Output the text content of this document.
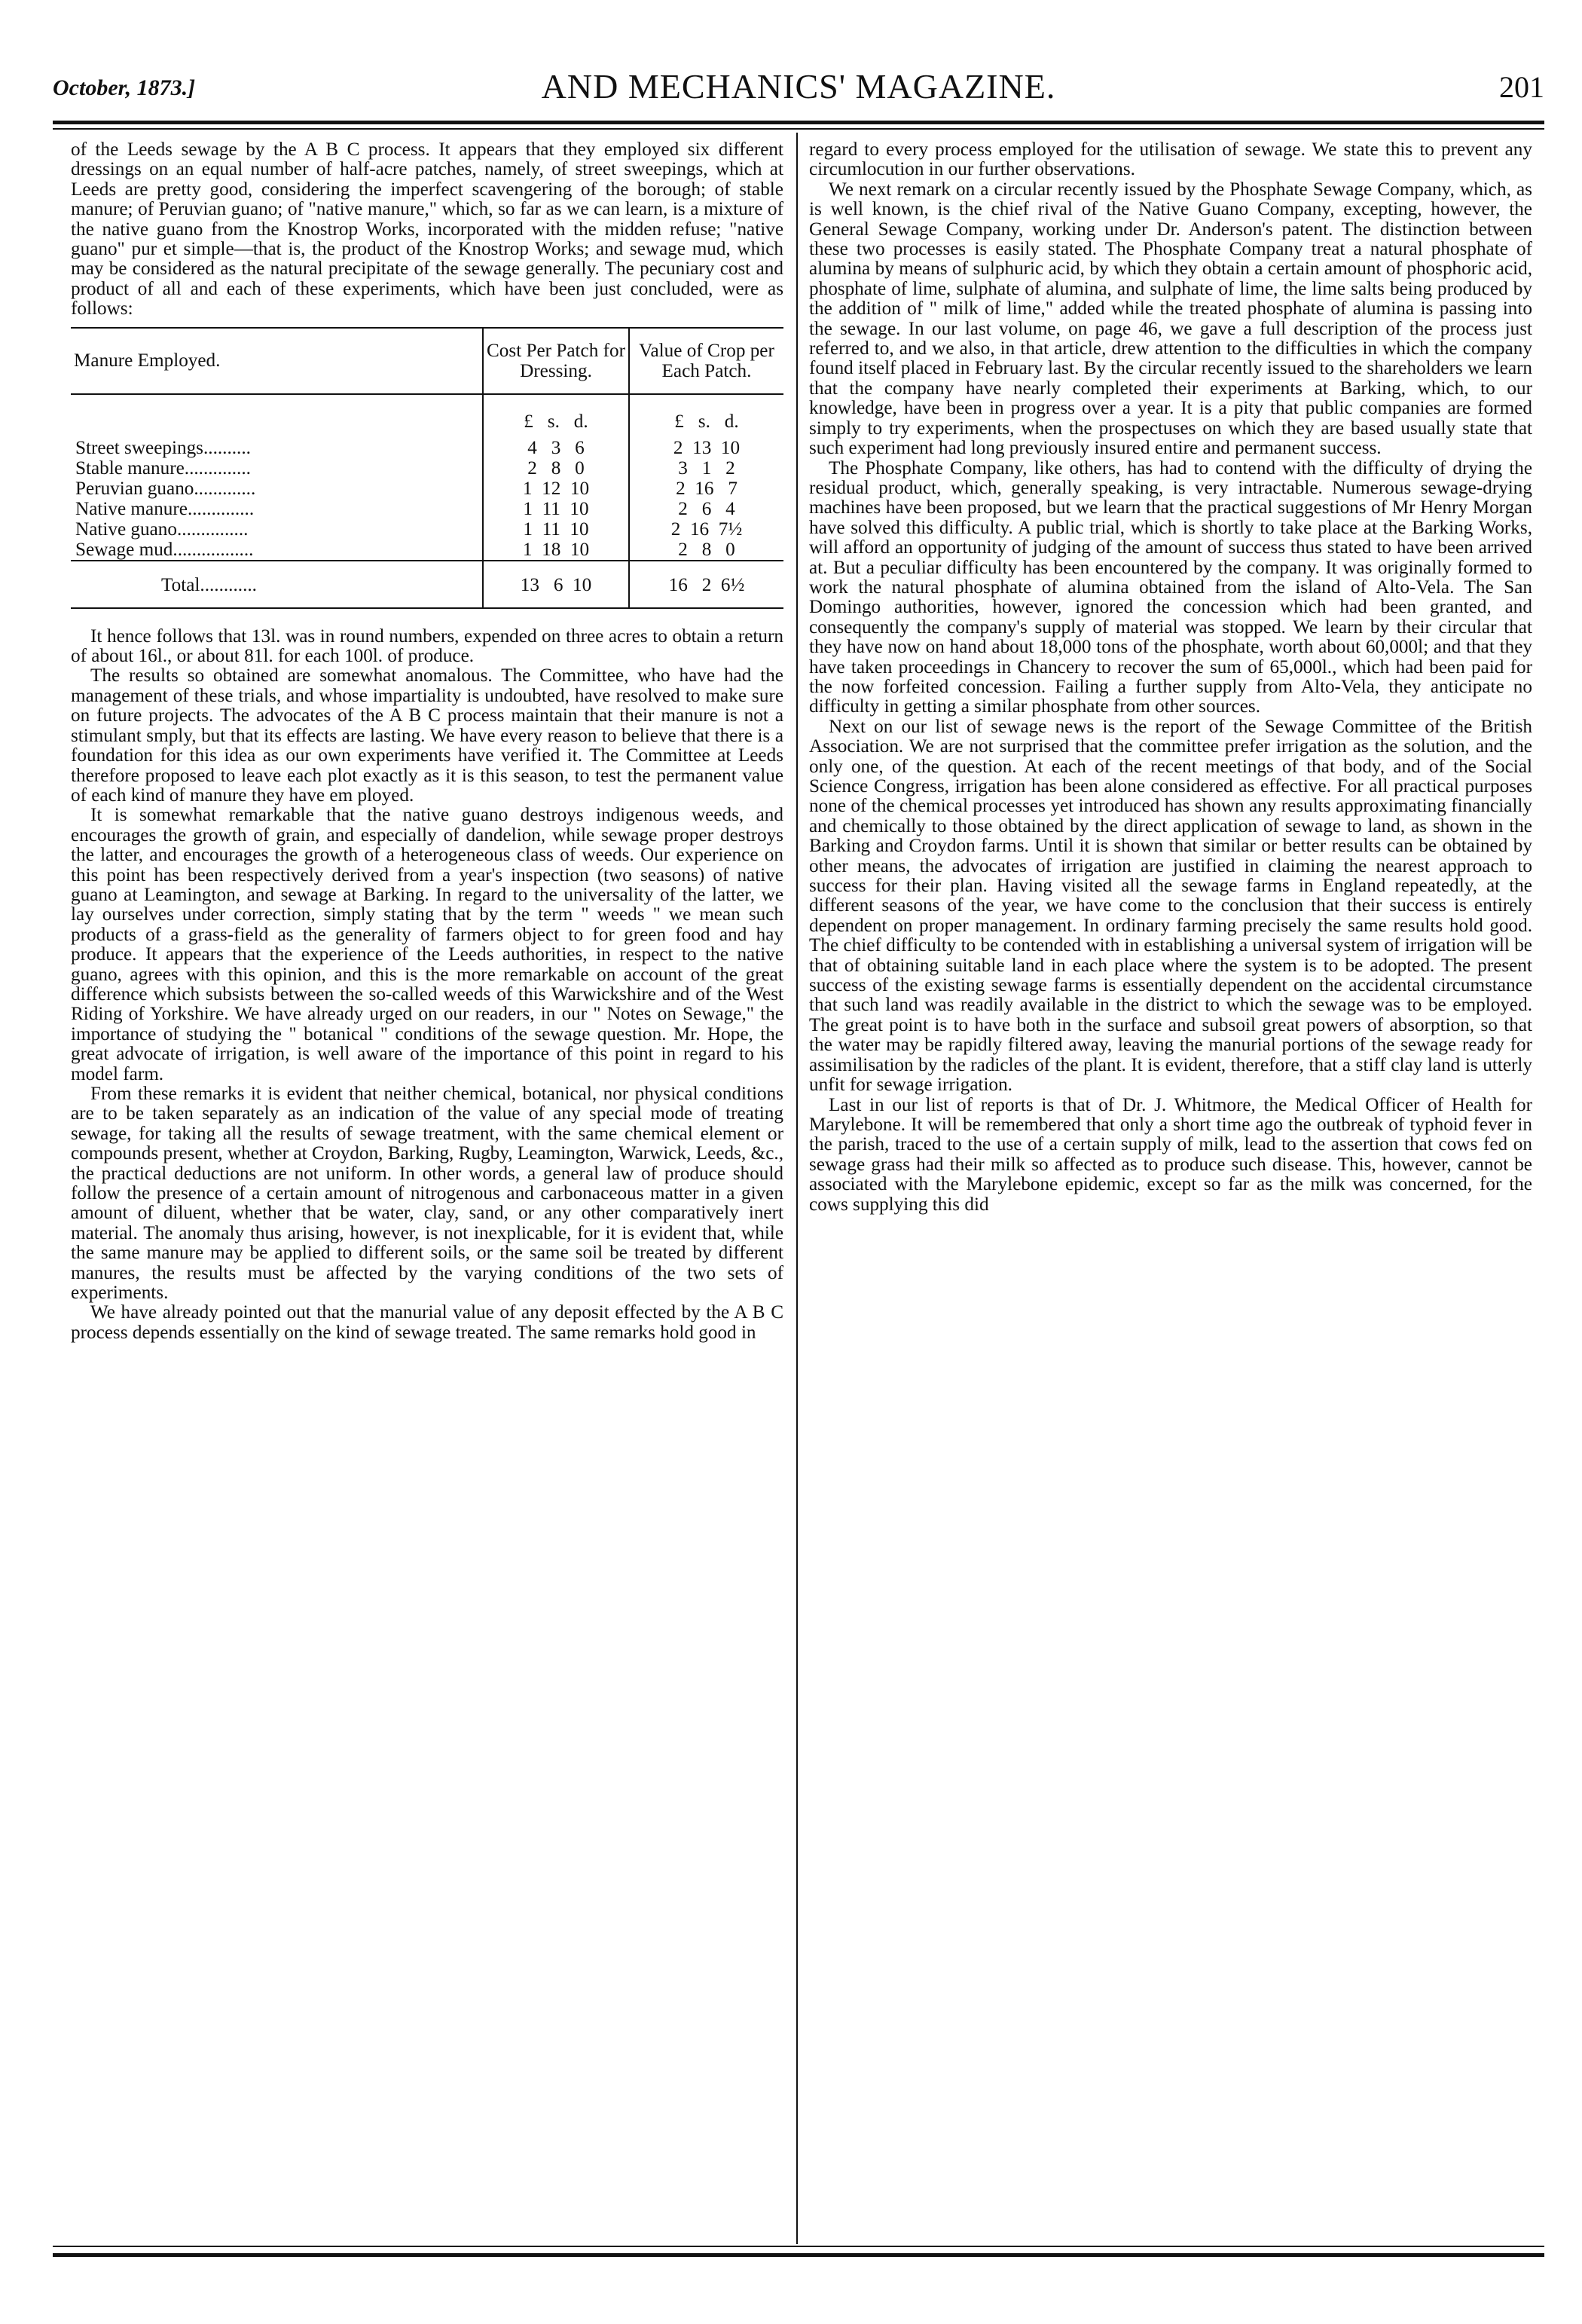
October, 1873.]	AND MECHANICS' MAGAZINE.	201

of the Leeds sewage by the A B C process. It appears that they employed six different dressings on an equal number of half-acre patches, namely, of street sweepings, which at Leeds are pretty good, considering the imperfect scavengering of the borough; of stable manure; of Peruvian guano; of "native manure," which, so far as we can learn, is a mixture of the native guano from the Knostrop Works, incorporated with the midden refuse; "native guano" pur et simple—that is, the product of the Knostrop Works; and sewage mud, which may be considered as the natural precipitate of the sewage generally. The pecuniary cost and product of all and each of these experiments, which have been just concluded, were as follows:

Manure Employed.	Cost Per Patch for Dressing.	Value of Crop per Each Patch.
	£   s.   d.	£   s.   d.
Street sweepings..........	4   3   6	2  13  10
Stable manure..............	2   8   0	3   1   2
Peruvian guano.............	1  12  10	2  16   7
Native manure..............	1  11  10	2   6   4
Native guano...............	1  11  10	2  16  7½
Sewage mud.................	1  18  10	2   8   0
Total............	13   6  10	16   2  6½

It hence follows that 13l. was in round numbers, expended on three acres to obtain a return of about 16l., or about 81l. for each 100l. of produce.

The results so obtained are somewhat anomalous. The Committee, who have had the management of these trials, and whose impartiality is undoubted, have resolved to make sure on future projects. The advocates of the A B C process maintain that their manure is not a stimulant smply, but that its effects are lasting. We have every reason to believe that there is a foundation for this idea as our own experiments have verified it. The Committee at Leeds therefore proposed to leave each plot exactly as it is this season, to test the permanent value of each kind of manure they have em ployed.

It is somewhat remarkable that the native guano destroys indigenous weeds, and encourages the growth of grain, and especially of dandelion, while sewage proper destroys the latter, and encourages the growth of a heterogeneous class of weeds. Our experience on this point has been respectively derived from a year's inspection (two seasons) of native guano at Leamington, and sewage at Barking. In regard to the universality of the latter, we lay ourselves under correction, simply stating that by the term " weeds " we mean such products of a grass-field as the generality of farmers object to for green food and hay produce. It appears that the experience of the Leeds authorities, in respect to the native guano, agrees with this opinion, and this is the more remarkable on account of the great difference which subsists between the so-called weeds of this Warwickshire and of the West Riding of Yorkshire. We have already urged on our readers, in our " Notes on Sewage," the importance of studying the " botanical " conditions of the sewage question. Mr. Hope, the great advocate of irrigation, is well aware of the importance of this point in regard to his model farm.

From these remarks it is evident that neither chemical, botanical, nor physical conditions are to be taken separately as an indication of the value of any special mode of treating sewage, for taking all the results of sewage treatment, with the same chemical element or compounds present, whether at Croydon, Barking, Rugby, Leamington, Warwick, Leeds, &c., the practical deductions are not uniform. In other words, a general law of produce should follow the presence of a certain amount of nitrogenous and carbonaceous matter in a given amount of diluent, whether that be water, clay, sand, or any other comparatively inert material. The anomaly thus arising, however, is not inexplicable, for it is evident that, while the same manure may be applied to different soils, or the same soil be treated by different manures, the results must be affected by the varying conditions of the two sets of experiments.

We have already pointed out that the manurial value of any deposit effected by the A B C process depends essentially on the kind of sewage treated. The same remarks hold good in

regard to every process employed for the utilisation of sewage. We state this to prevent any circumlocution in our further observations.

We next remark on a circular recently issued by the Phosphate Sewage Company, which, as is well known, is the chief rival of the Native Guano Company, excepting, however, the General Sewage Company, working under Dr. Anderson's patent. The distinction between these two processes is easily stated. The Phosphate Company treat a natural phosphate of alumina by means of sulphuric acid, by which they obtain a certain amount of phosphoric acid, phosphate of lime, sulphate of alumina, and sulphate of lime, the lime salts being produced by the addition of " milk of lime," added while the treated phosphate of alumina is passing into the sewage. In our last volume, on page 46, we gave a full description of the process just referred to, and we also, in that article, drew attention to the difficulties in which the company found itself placed in February last. By the circular recently issued to the shareholders we learn that the company have nearly completed their experiments at Barking, which, to our knowledge, have been in progress over a year. It is a pity that public companies are formed simply to try experiments, when the prospectuses on which they are based usually state that such experiment had long previously insured entire and permanent success.

The Phosphate Company, like others, has had to contend with the difficulty of drying the residual product, which, generally speaking, is very intractable. Numerous sewage-drying machines have been proposed, but we learn that the practical suggestions of Mr Henry Morgan have solved this difficulty. A public trial, which is shortly to take place at the Barking Works, will afford an opportunity of judging of the amount of success thus stated to have been arrived at. But a peculiar difficulty has been encountered by the company. It was originally formed to work the natural phosphate of alumina obtained from the island of Alto-Vela. The San Domingo authorities, however, ignored the concession which had been granted, and consequently the company's supply of material was stopped. We learn by their circular that they have now on hand about 18,000 tons of the phosphate, worth about 60,000l; and that they have taken proceedings in Chancery to recover the sum of 65,000l., which had been paid for the now forfeited concession. Failing a further supply from Alto-Vela, they anticipate no difficulty in getting a similar phosphate from other sources.

Next on our list of sewage news is the report of the Sewage Committee of the British Association. We are not surprised that the committee prefer irrigation as the solution, and the only one, of the question. At each of the recent meetings of that body, and of the Social Science Congress, irrigation has been alone considered as effective. For all practical purposes none of the chemical processes yet introduced has shown any results approximating financially and chemically to those obtained by the direct application of sewage to land, as shown in the Barking and Croydon farms. Until it is shown that similar or better results can be obtained by other means, the advocates of irrigation are justified in claiming the nearest approach to success for their plan. Having visited all the sewage farms in England repeatedly, at the different seasons of the year, we have come to the conclusion that their success is entirely dependent on proper management. In ordinary farming precisely the same results hold good. The chief difficulty to be contended with in establishing a universal system of irrigation will be that of obtaining suitable land in each place where the system is to be adopted. The present success of the existing sewage farms is essentially dependent on the accidental circumstance that such land was readily available in the district to which the sewage was to be employed. The great point is to have both in the surface and subsoil great powers of absorption, so that the water may be rapidly filtered away, leaving the manurial portions of the sewage ready for assimilisation by the radicles of the plant. It is evident, therefore, that a stiff clay land is utterly unfit for sewage irrigation.

Last in our list of reports is that of Dr. J. Whitmore, the Medical Officer of Health for Marylebone. It will be remembered that only a short time ago the outbreak of typhoid fever in the parish, traced to the use of a certain supply of milk, lead to the assertion that cows fed on sewage grass had their milk so affected as to produce such disease. This, however, cannot be associated with the Marylebone epidemic, except so far as the milk was concerned, for the cows supplying this did
